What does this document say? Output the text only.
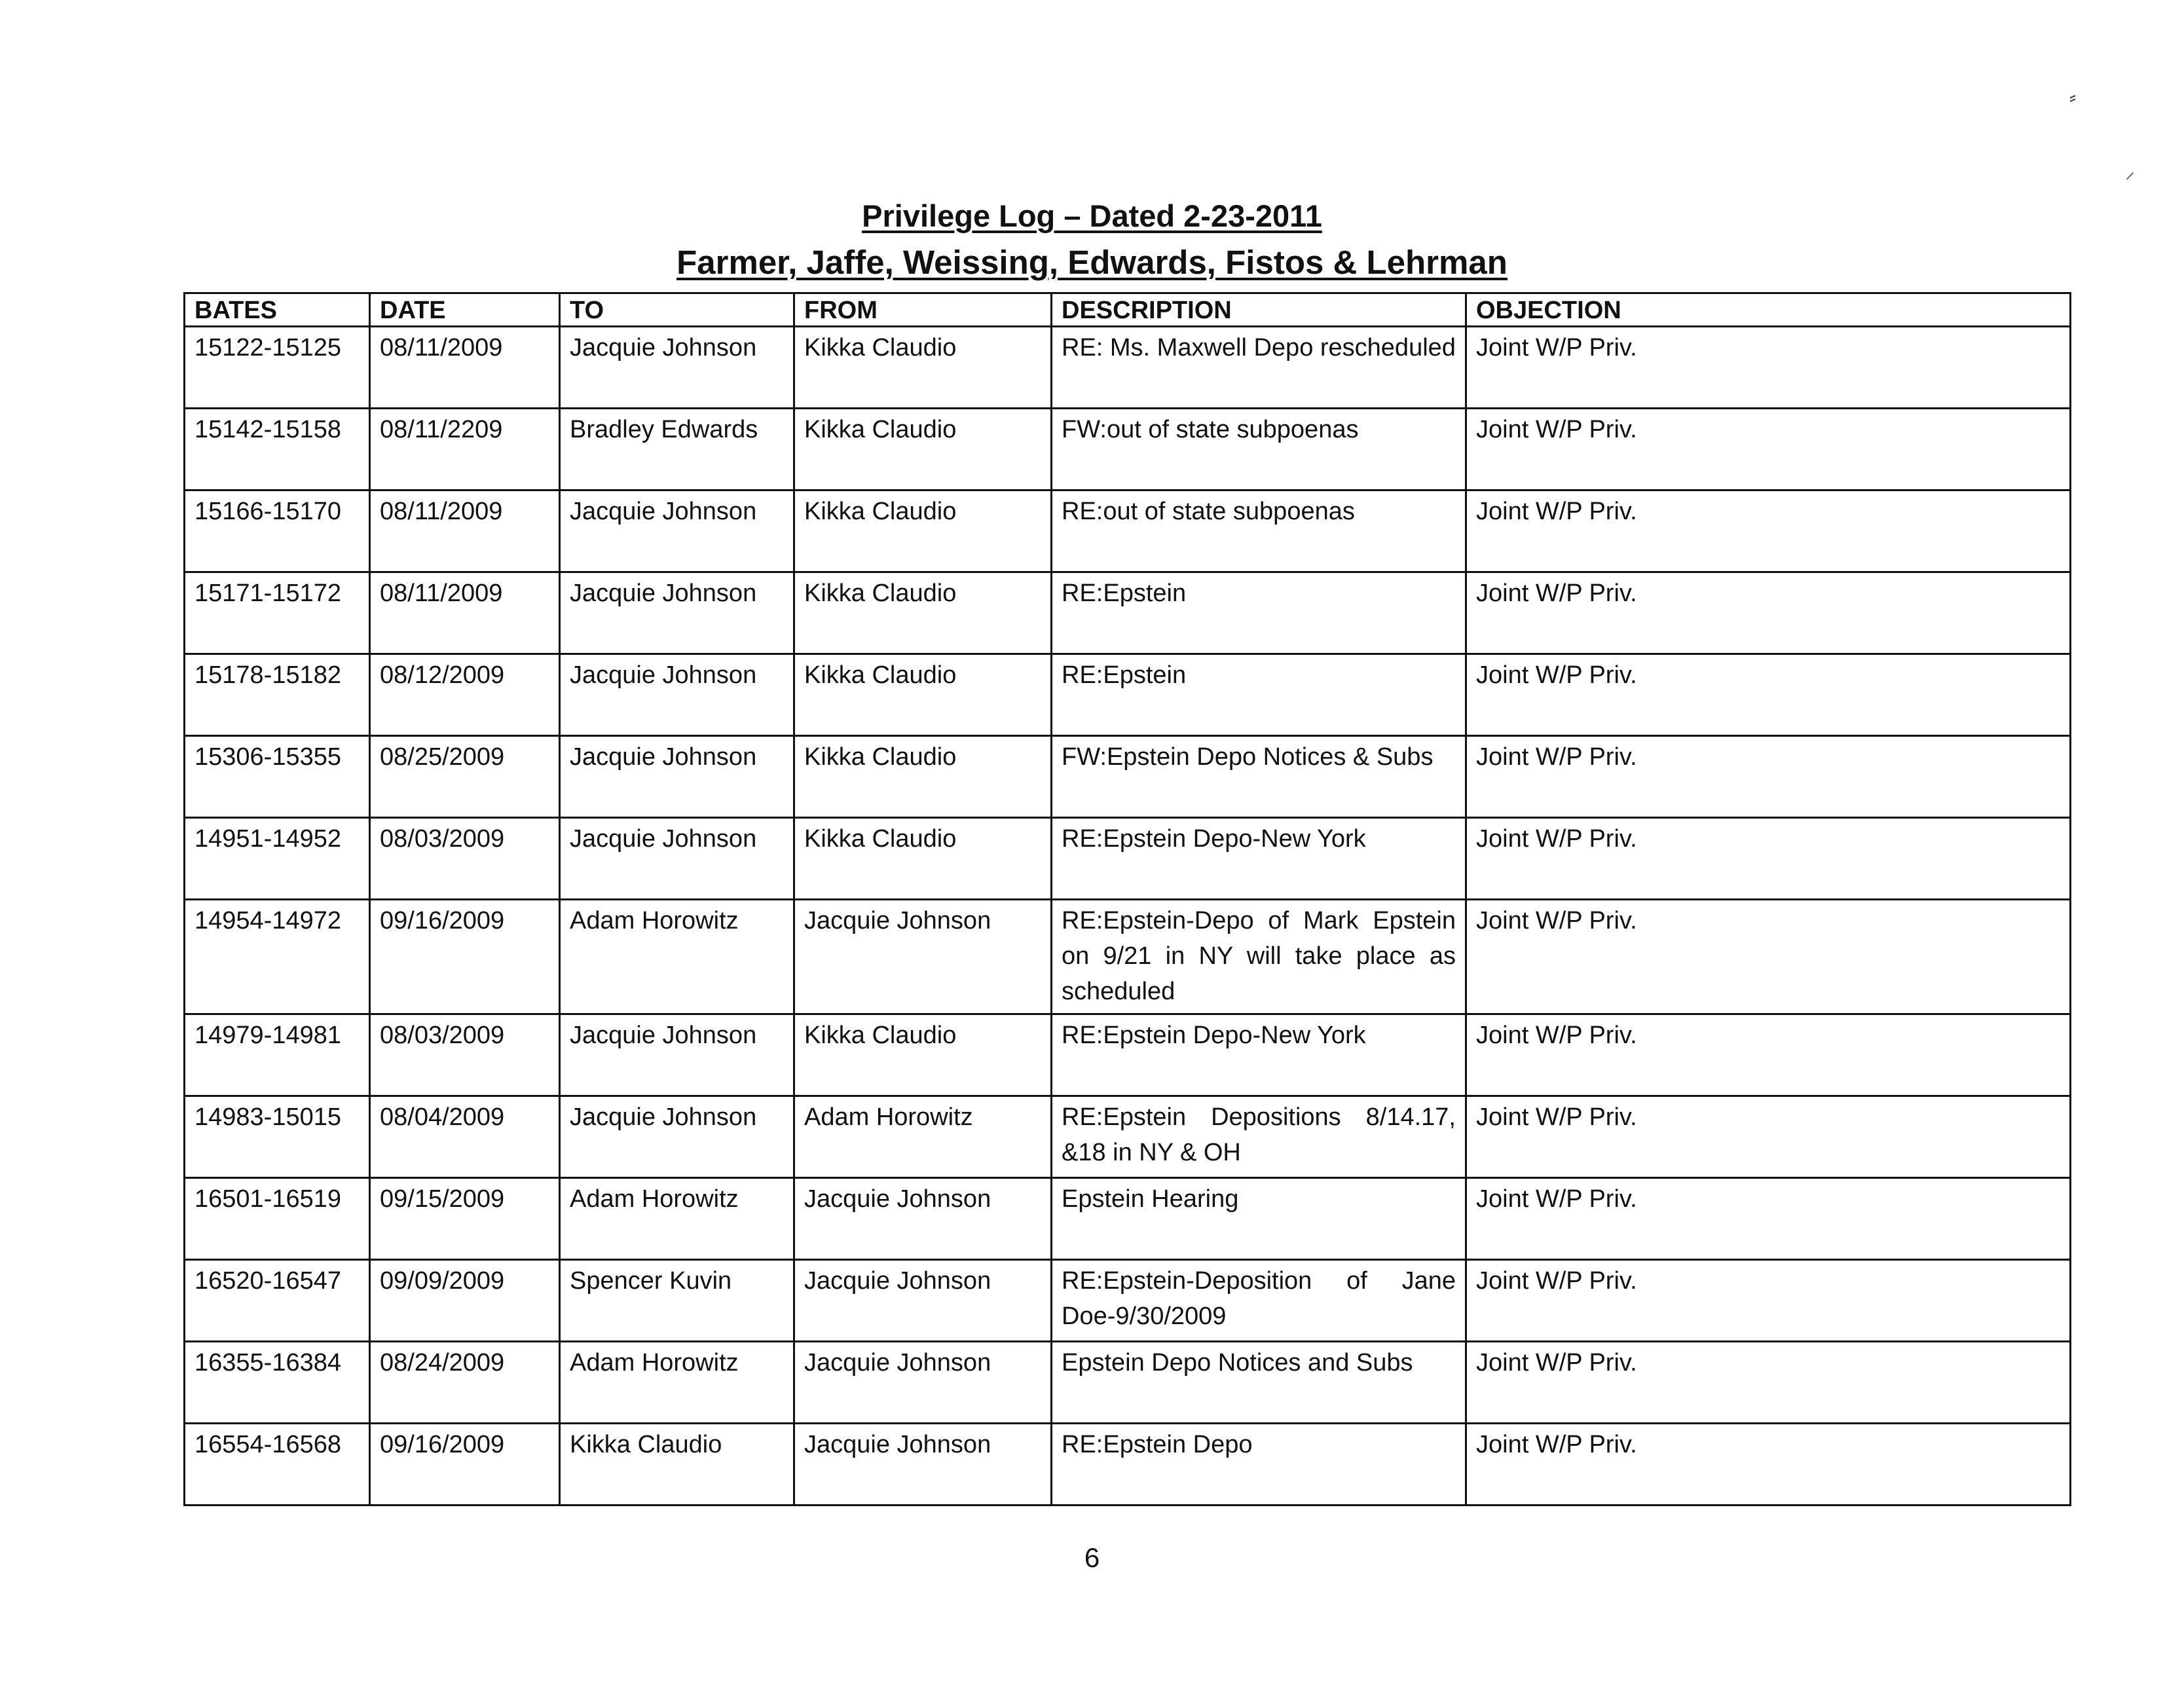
Privilege Log – Dated 2-23-2011
Farmer, Jaffe, Weissing, Edwards, Fistos & Lehrman
BATES	DATE	TO	FROM	DESCRIPTION	OBJECTION
15122-15125	08/11/2009	Jacquie Johnson	Kikka Claudio	RE: Ms. Maxwell Depo rescheduled	Joint W/P Priv.
15142-15158	08/11/2209	Bradley Edwards	Kikka Claudio	FW:out of state subpoenas	Joint W/P Priv.
15166-15170	08/11/2009	Jacquie Johnson	Kikka Claudio	RE:out of state subpoenas	Joint W/P Priv.
15171-15172	08/11/2009	Jacquie Johnson	Kikka Claudio	RE:Epstein	Joint W/P Priv.
15178-15182	08/12/2009	Jacquie Johnson	Kikka Claudio	RE:Epstein	Joint W/P Priv.
15306-15355	08/25/2009	Jacquie Johnson	Kikka Claudio	FW:Epstein Depo Notices & Subs	Joint W/P Priv.
14951-14952	08/03/2009	Jacquie Johnson	Kikka Claudio	RE:Epstein Depo-New York	Joint W/P Priv.
14954-14972	09/16/2009	Adam Horowitz	Jacquie Johnson	RE:Epstein-Depo of Mark Epstein on 9/21 in NY will take place as scheduled	Joint W/P Priv.
14979-14981	08/03/2009	Jacquie Johnson	Kikka Claudio	RE:Epstein Depo-New York	Joint W/P Priv.
14983-15015	08/04/2009	Jacquie Johnson	Adam Horowitz	RE:Epstein Depositions 8/14.17, &18 in NY & OH	Joint W/P Priv.
16501-16519	09/15/2009	Adam Horowitz	Jacquie Johnson	Epstein Hearing	Joint W/P Priv.
16520-16547	09/09/2009	Spencer Kuvin	Jacquie Johnson	RE:Epstein-Deposition of Jane Doe-9/30/2009	Joint W/P Priv.
16355-16384	08/24/2009	Adam Horowitz	Jacquie Johnson	Epstein Depo Notices and Subs	Joint W/P Priv.
16554-16568	09/16/2009	Kikka Claudio	Jacquie Johnson	RE:Epstein Depo	Joint W/P Priv.
6
⸗
⸝
